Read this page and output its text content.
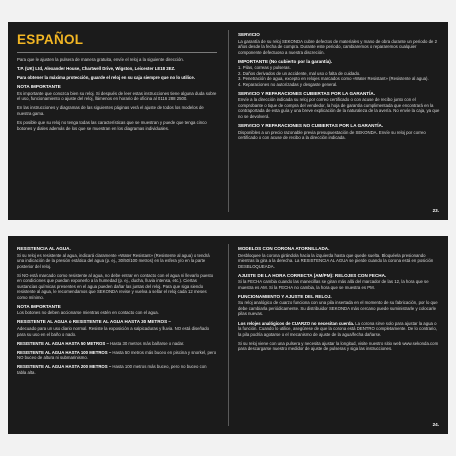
ESPAÑOL

Para que le ajusten la pulsera de manera gratuita, envíe el reloj a la siguiente dirección.

T.P. (UK) Ltd, Alexander House, Chartwell Drive, Wigston, Leicester LE18 2EZ.

Para obtener la máxima protección, guarde el reloj en su caja siempre que no lo utilice.

NOTA IMPORTANTE

Es importante que conozca bien su reloj. Si después de leer estas instrucciones tiene alguna duda sobre el uso, funcionamiento o ajuste del reloj, llámenos en horario de oficina al 0116 288 2500.

En las instrucciones y diagramas de las siguientes páginas verá el ajuste de todos los modelos de nuestra gama.

Es posible que su reloj no tenga todas las características que se muestran y puede que tenga cinco botones y diales además de los que se muestran en los diagramas individuales.

SERVICIO

La garantía de su reloj SEKONDA cubre defectos de materiales y mano de obra durante un periodo de 2 años desde la fecha de compra. Durante este periodo, cambiaremos o repararemos cualquier componente defectuoso a nuestra discreción.

IMPORTANTE (No cubierto por la garantía).

1. Pilas, correas y pulseras.
2. Daños derivados de un accidente, mal uso o falta de cuidado.
3. Penetración de agua, excepto en relojes marcados como «Water Resistant» (Resistente al agua).
4. Reparaciones no autorizadas y desgaste general.

SERVICIO Y REPARACIONES CUBIERTAS POR LA GARANTÍA.

Envíe a la dirección indicada su reloj por correo certificado o con acuse de recibo junto con el comprobante o tique de compra del vendedor, la hoja de garantía cumplimentada que encontrará en la contraportada de esta guía y una breve explicación de la naturaleza de la avería. No envíe la caja, ya que no se devolverá.

SERVICIO Y REPARACIONES NO CUBIERTAS POR LA GARANTÍA.

Disponibles a un precio razonable previa presupuestación de SEKONDA. Envíe su reloj por correo certificado o con acuse de recibo a la dirección indicada.

23.
RESISTENCIA AL AGUA.

Si su reloj es resistente al agua, indicará claramente «Water Resistant» (Resistente al agua) o tendrá una indicación de la presión estática del agua (p. ej., 30/50/100 metros) en la esfera y/o en la parte posterior del reloj.

Si NO está marcado como resistente al agua, no debe entrar en contacto con el agua ni llevarlo puesto en condiciones que puedan exponerlo a la humedad (p. ej., ducha, lluvia intensa, etc.). Ciertas sustancias químicas presentes en el agua pueden dañar las juntas del reloj. Para que siga siendo resistente al agua, le recomendamos que SEKONDA revise y vuelva a sellar el reloj cada 12 meses como mínimo.

NOTA IMPORTANTE

Los botones no deben accionarse mientras estén en contacto con el agua.

RESISTENTE AL AGUA o RESISTENTE AL AGUA HASTA 30 METROS –

Adecuado para un uso diario normal. Resiste la exposición a salpicaduras y lluvia. NO está diseñado para su uso en el baño o nado.

RESISTENTE AL AGUA HASTA 50 METROS – Hasta 30 metros más bañarse o nadar.

RESISTENTE AL AGUA HASTA 100 METROS – Hasta 50 metros más buceo en piscina y snorkel, pero NO buceo de altura ni submarinismo.

RESISTENTE AL AGUA HASTA 200 METROS – Hasta 100 metros más buceo, pero no buceo con tabla alta.

MODELOS CON CORONA ATORNILLADA.

Desbloquee la corona girándola hacia la izquierda hasta que quede suelta. Bloquéela presionando mientras la gira a la derecha. La RESISTENCIA AL AGUA se pierde cuando la corona está en posición DESBLOQUEADA.

AJUSTE DE LA HORA CORRECTA (AM/PM): RELOJES CON FECHA.

Si la FECHA cambia cuando las manecillas se giran más allá del marcador de las 12, la hora que se muestra es AM. Si la FECHA no cambia, la hora que se muestra es PM.

FUNCIONAMIENTO Y AJUSTE DEL RELOJ.

Su reloj analógico de cuarzo funciona con una pila insertada en el momento de su fabricación, por lo que debe cambiarla periódicamente. Su distribuidor SEKONDA más cercano puede suministrarle y colocarle pilas nuevas.

Los relojes analógicos de CUARZO no necesitan cuerda. La corona sirve solo para ajustar la agua o la función. Cuando lo utilice, asegúrese de que la corona está DENTRO completamente. De lo contrario, la pila podría agotarse o el mecanismo de ajuste de la agua/fecha dañarse.

Si su reloj viene con una pulsera y necesita ajustar la longitud, visite nuestro sitio web www.sekonda.com para descargarse nuestro medidor de ajuste de pulseras y siga las instrucciones.

24.
